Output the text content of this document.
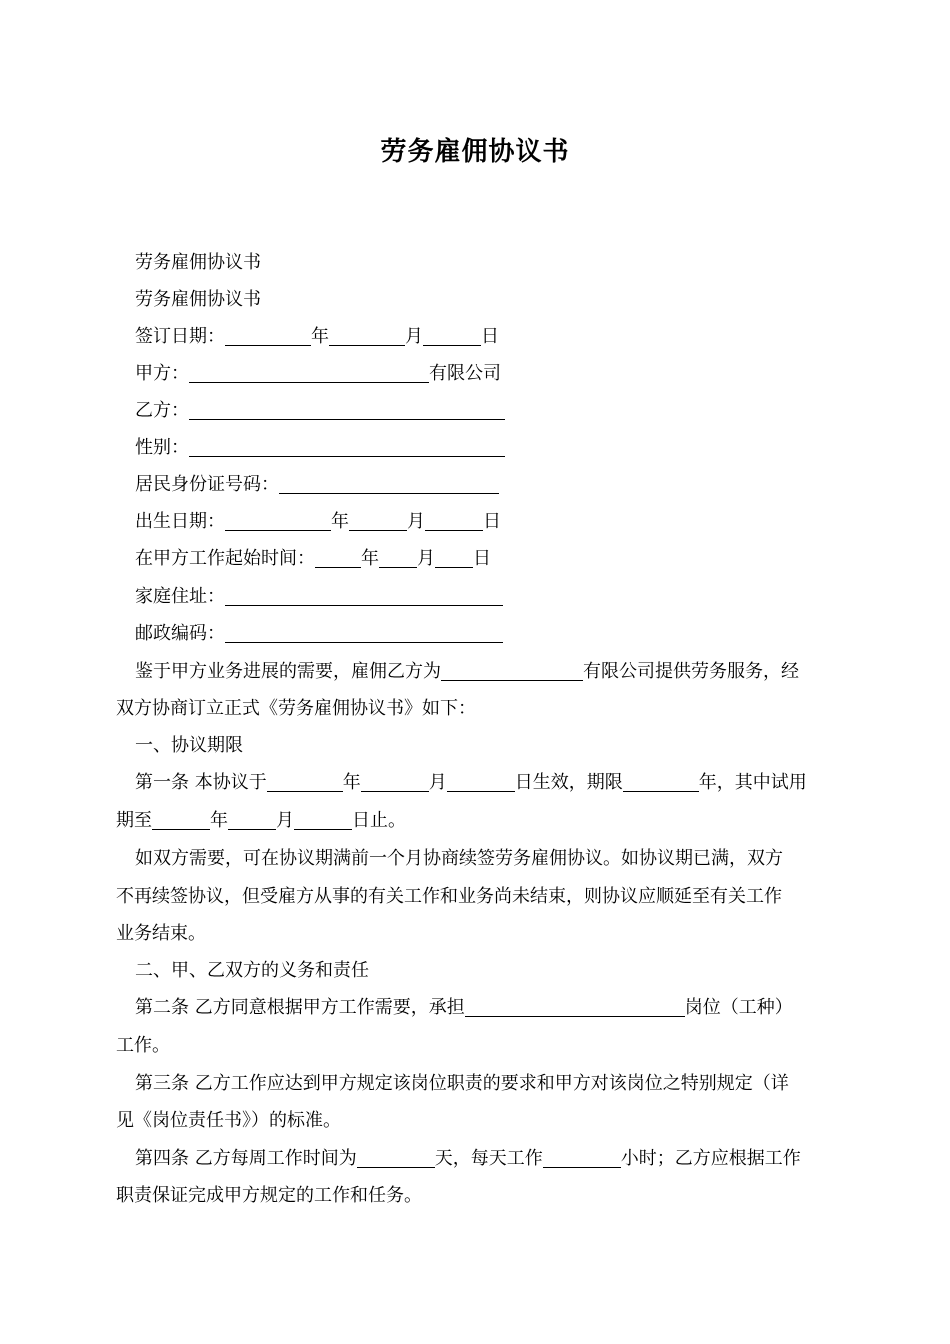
劳务雇佣协议书
劳务雇佣协议书
劳务雇佣协议书
签订日期：	年	月	日
甲方：	有限公司
乙方：
性别：
居民身份证号码：
出生日期：	年	月	日
在甲方工作起始时间：	年 月 日
家庭住址：
邮政编码：
鉴于甲方业务进展的需要，雇佣乙方为	有限公司提供劳务服务，经
双方协商订立正式《劳务雇佣协议书》如下：
一、协议期限
第一条 本协议于	年	月	日生效，期限	年，其中试用
期至	年	月	日止。
如双方需要，可在协议期满前一个月协商续签劳务雇佣协议。如协议期已满，双方
不再续签协议，但受雇方从事的有关工作和业务尚未结束，则协议应顺延至有关工作
业务结束。
二、甲、乙双方的义务和责任
第二条 乙方同意根据甲方工作需要，承担	岗位（工种）
工作。
第三条 乙方工作应达到甲方规定该岗位职责的要求和甲方对该岗位之特别规定（详
见《岗位责任书》）的标准。
第四条 乙方每周工作时间为	天，每天工作	小时；乙方应根据工作
职责保证完成甲方规定的工作和任务。
